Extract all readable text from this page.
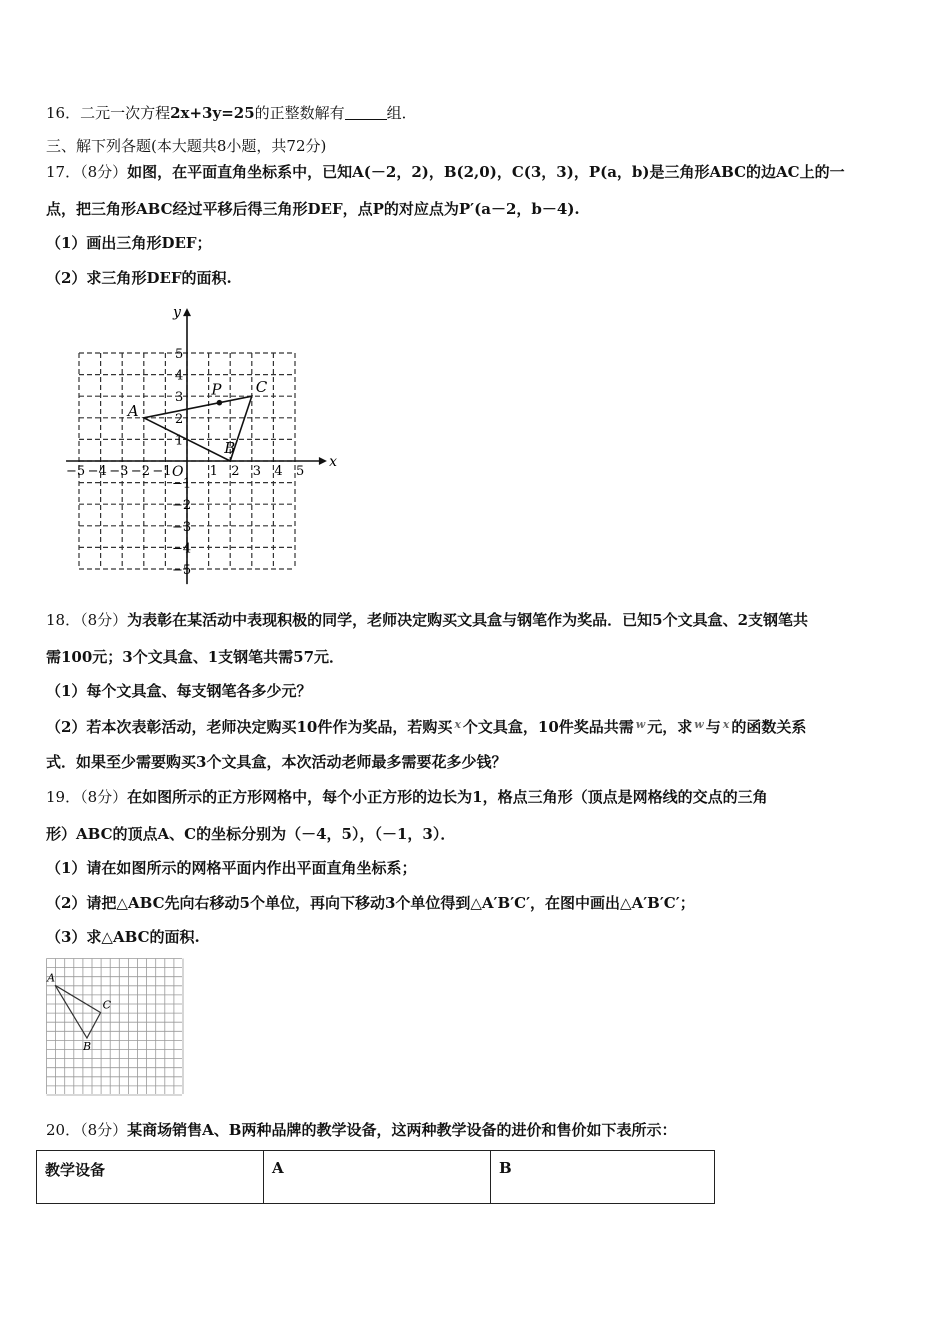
16．二元一次方程2x+3y=25的正整数解有	组．
三、解下列各题(本大题共8小题，共72分)
17．（8分）如图，在平面直角坐标系中，已知A(－2，2)，B(2,0)，C(3，3)，P(a，b)是三角形ABC的边AC上的一
点，把三角形ABC经过平移后得三角形DEF，点P的对应点为P′(a－2，b－4).
（1）画出三角形DEF；
（2）求三角形DEF的面积.
x
y
O
−5 −4 −3 −2 −1	1 2 3 4 5
5
4
3
2
1
−1
−2
−3
−4
−5
A
B
C
P
18．（8分）为表彰在某活动中表现积极的同学，老师决定购买文具盒与钢笔作为奖品．已知5个文具盒、2支钢笔共
需100元；3个文具盒、1支钢笔共需57元．
（1）每个文具盒、每支钢笔各多少元？
（2）若本次表彰活动，老师决定购买10件作为奖品，若购买 $^x$ 个文具盒，10件奖品共需 $^w$ 元，求 $^w$ 与 $^x$ 的函数关系
式．如果至少需要购买3个文具盒，本次活动老师最多需要花多少钱？
19．（8分）在如图所示的正方形网格中，每个小正方形的边长为1，格点三角形（顶点是网格线的交点的三角
形）ABC的顶点A、C的坐标分别为（－4，5），（－1，3）．
（1）请在如图所示的网格平面内作出平面直角坐标系；
（2）请把△ABC先向右移动5个单位，再向下移动3个单位得到△A′B′C′，在图中画出△A′B′C′；
（3）求△ABC的面积.
A
B
C
20．（8分）某商场销售A、B两种品牌的教学设备，这两种教学设备的进价和售价如下表所示：
教学设备	A	B
